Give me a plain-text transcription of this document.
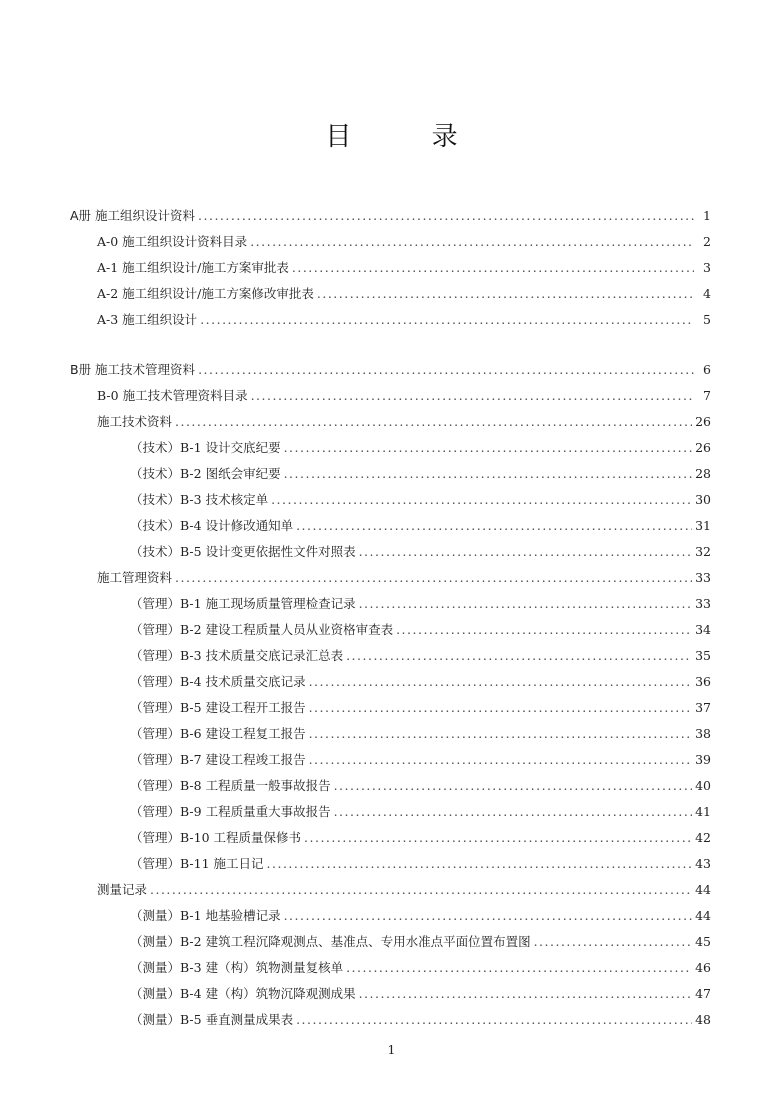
目 录
A册 施工组织设计资料 .....	1
A-0 施工组织设计资料目录 .....	2
A-1 施工组织设计/施工方案审批表 .....	3
A-2 施工组织设计/施工方案修改审批表 .....	4
A-3 施工组织设计 .....	5
B册 施工技术管理资料 .....	6
B-0 施工技术管理资料目录 .....	7
施工技术资料 .....	26
（技术）B-1 设计交底纪要 .....	26
（技术）B-2 图纸会审纪要 .....	28
（技术）B-3 技术核定单 .....	30
（技术）B-4 设计修改通知单 .....	31
（技术）B-5 设计变更依据性文件对照表 .....	32
施工管理资料 .....	33
（管理）B-1 施工现场质量管理检查记录 .....	33
（管理）B-2 建设工程质量人员从业资格审查表 .....	34
（管理）B-3 技术质量交底记录汇总表 .....	35
（管理）B-4 技术质量交底记录 .....	36
（管理）B-5 建设工程开工报告 .....	37
（管理）B-6 建设工程复工报告 .....	38
（管理）B-7 建设工程竣工报告 .....	39
（管理）B-8 工程质量一般事故报告 .....	40
（管理）B-9 工程质量重大事故报告 .....	41
（管理）B-10 工程质量保修书 .....	42
（管理）B-11 施工日记 .....	43
测量记录 .....	44
（测量）B-1 地基验槽记录 .....	44
（测量）B-2 建筑工程沉降观测点、基准点、专用水准点平面位置布置图 .....	45
（测量）B-3 建（构）筑物测量复核单 .....	46
（测量）B-4 建（构）筑物沉降观测成果 .....	47
（测量）B-5 垂直测量成果表 .....	48
1
